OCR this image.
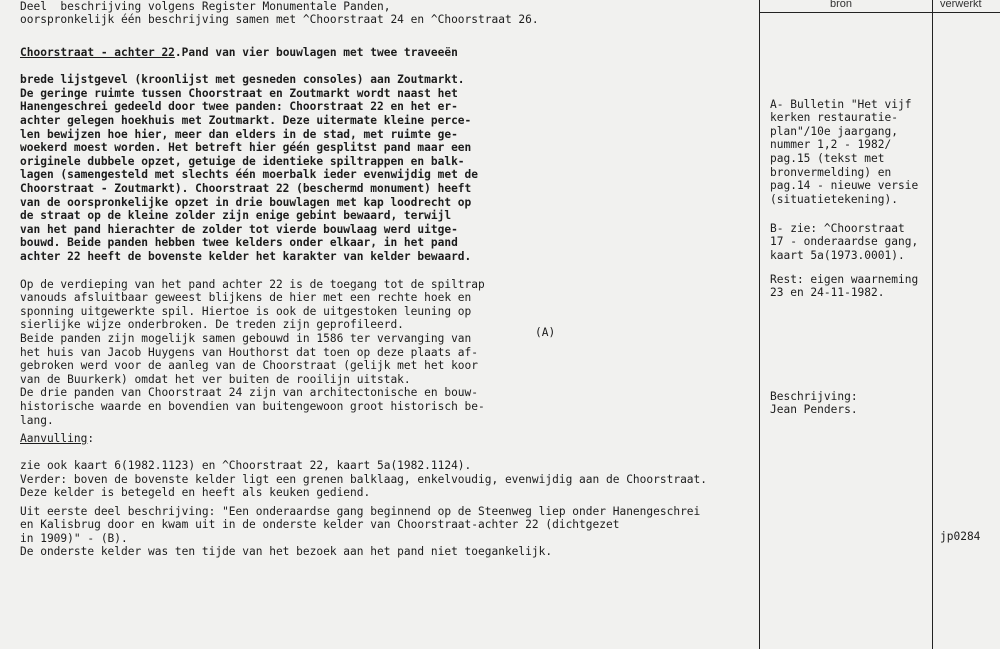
bron	verwerkt
Deel  beschrijving volgens Register Monumentale Panden,
oorspronkelijk één beschrijving samen met ^Choorstraat 24 en ^Choorstraat 26.
Choorstraat - achter 22.Pand van vier bouwlagen met twee traveeën

brede lijstgevel (kroonlijst met gesneden consoles) aan Zoutmarkt.
De geringe ruimte tussen Choorstraat en Zoutmarkt wordt naast het
Hanengeschrei gedeeld door twee panden: Choorstraat 22 en het er-
achter gelegen hoekhuis met Zoutmarkt. Deze uitermate kleine perce-
len bewijzen hoe hier, meer dan elders in de stad, met ruimte ge-
woekerd moest worden. Het betreft hier géén gesplitst pand maar een
originele dubbele opzet, getuige de identieke spiltrappen en balk-
lagen (samengesteld met slechts één moerbalk ieder evenwijdig met de
Choorstraat - Zoutmarkt). Choorstraat 22 (beschermd monument) heeft
van de oorspronkelijke opzet in drie bouwlagen met kap loodrecht op
de straat op de kleine zolder zijn enige gebint bewaard, terwijl
van het pand hierachter de zolder tot vierde bouwlaag werd uitge-
bouwd. Beide panden hebben twee kelders onder elkaar, in het pand
achter 22 heeft de bovenste kelder het karakter van kelder bewaard.

Op de verdieping van het pand achter 22 is de toegang tot de spiltrap
vanouds afsluitbaar geweest blijkens de hier met een rechte hoek en
sponning uitgewerkte spil. Hiertoe is ook de uitgestoken leuning op
sierlijke wijze onderbroken. De treden zijn geprofileerd.
Beide panden zijn mogelijk samen gebouwd in 1586 ter vervanging van
het huis van Jacob Huygens van Houthorst dat toen op deze plaats af-
gebroken werd voor de aanleg van de Choorstraat (gelijk met het koor
van de Buurkerk) omdat het ver buiten de rooilijn uitstak.
De drie panden van Choorstraat 24 zijn van architectonische en bouw-
historische waarde en bovendien van buitengewoon groot historisch be-
lang.

(A)
Aanvulling:

zie ook kaart 6(1982.1123) en ^Choorstraat 22, kaart 5a(1982.1124).
Verder: boven de bovenste kelder ligt een grenen balklaag, enkelvoudig, evenwijdig aan de Choorstraat.
Deze kelder is betegeld en heeft als keuken gediend.

Uit eerste deel beschrijving: "Een onderaardse gang beginnend op de Steenweg liep onder Hanengeschrei
en Kalisbrug door en kwam uit in de onderste kelder van Choorstraat-achter 22 (dichtgezet
in 1909)" - (B).
De onderste kelder was ten tijde van het bezoek aan het pand niet toegankelijk.

A- Bulletin "Het vijf
kerken restauratie-
plan"/10e jaargang,
nummer 1,2 - 1982/
pag.15 (tekst met
bronvermelding) en
pag.14 - nieuwe versie
(situatietekening).

B- zie: ^Choorstraat
17 - onderaardse gang,
kaart 5a(1973.0001).

Rest: eigen waarneming
23 en 24-11-1982.

Beschrijving:
Jean Penders.

jp0284
